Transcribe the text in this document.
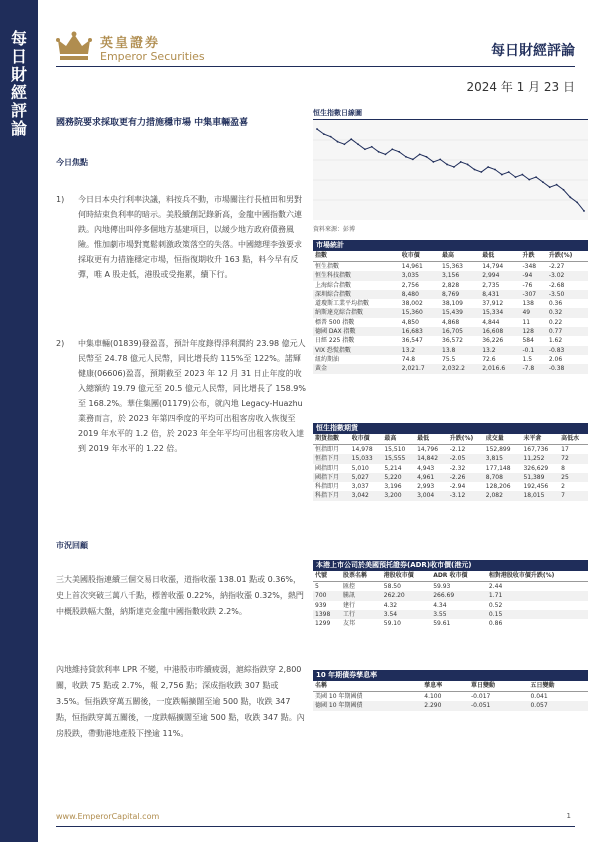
每
日
財
經
評
論
英皇證券
Emperor Securities	每日財經評論
2024 年 1 月 23 日
國務院要求採取更有力措施穩市場 中集車輛盈喜
今日焦點
1) 今日日本央行利率決議，料按兵不動，市場關注行長植田和男對何時結束負利率的暗示。美股續創記錄新高，金龍中國指數六連跌。內地傳出叫停多個地方基建項目，以緩少地方政府債務風險。惟加劇市場對寬鬆刺激政策落空的失落。中國總理李強要求採取更有力措施穩定市場，恒指復期收升 163 點，料今早有反彈，唯 A 股走低，港股或受拖累，續下行。
2) 中集車輛(01839)發盈喜，預計年度錄得淨利潤約 23.98 億元人民幣至 24.78 億元人民幣，同比增長約 115%至 122%。諾輝健康(06606)盈喜，預期截至 2023 年 12 月 31 日止年度的收入總額約 19.79 億元至 20.5 億元人民幣，同比增長了 158.9%至 168.2%。華住集團(01179)公布，就內地 Legacy-Huazhu 業務而言，於 2023 年第四季度的平均可出租客房收入恢復至 2019 年水平的 1.2 倍，於 2023 年全年平均可出租客房收入達到 2019 年水平的 1.22 倍。
市況回顧
三大美國股指連續三個交易日收漲，道指收漲 138.01 點或 0.36%，史上首次突破三萬八千點，標普收漲 0.22%，納指收漲 0.32%，熱門中概股跌幅大盤，納斯達克金龍中國指數收跌 2.2%。
內地維持貸款利率 LPR 不變，中港股市昨續疲弱，滬綜指跌穿 2,800 關，收跌 75 點或 2.7%，報 2,756 點；深成指收跌 307 點或 3.5%。恒指跌穿萬五關後，一度跌幅擴闊至逾 500 點，收跌 347 點，恒指跌穿萬五關後，一度跌幅擴闊至逾 500 點，收跌 347 點。內房股跌，帶動港地產股下挫逾 11%。
恒生指數日線圖
資料來源：彭博
市場統計
指數	收市價	最高	最低	升跌	升跌(%)
恒生指數	14,961	15,363	14,794	-348	-2.27
恒生科技指數	3,035	3,156	2,994	-94	-3.02
上海綜合指數	2,756	2,828	2,735	-76	-2.68
深圳綜合指數	8,480	8,769	8,431	-307	-3.50
道瓊斯工業平均指數	38,002	38,109	37,912	138	0.36
納斯達克綜合指數	15,360	15,439	15,334	49	0.32
標普 500 指數	4,850	4,868	4,844	11	0.22
德國 DAX 指數	16,683	16,705	16,608	128	0.77
日經 225 指數	36,547	36,572	36,226	584	1.62
VIX 恐慌指數	13.2	13.8	13.2	-0.1	-0.83
紐約期油	74.8	75.5	72.6	1.5	2.06
黃金	2,021.7	2,032.2	2,016.6	-7.8	-0.38
恒生指數期貨
期貨指數	收市價	最高	最低	升跌(%)	成交量	未平倉	高低水
恒指即月	14,978	15,510	14,796	-2.12	152,899	167,736	17
恒指下月	15,033	15,555	14,842	-2.05	3,815	11,252	72
國指即月	5,010	5,214	4,943	-2.32	177,148	326,629	8
國指下月	5,027	5,220	4,961	-2.26	8,708	51,389	25
科指即月	3,037	3,196	2,993	-2.94	128,206	192,456	2
科指下月	3,042	3,200	3,004	-3.12	2,082	18,015	7
本港上市公司於美國預托證券(ADR)收市價(港元)
代號	股票名稱	港股收市價	ADR 收市價	相對港股收市價升跌(%)
5	匯控	58.50	59.93	2.44
700	騰訊	262.20	266.69	1.71
939	建行	4.32	4.34	0.52
1398	工行	3.54	3.55	0.15
1299	友邦	59.10	59.61	0.86
10 年期債券孳息率
名稱	孳息率	單日變動	五日變動
美國 10 年期國債	4.100	-0.017	0.041
德國 10 年期國債	2.290	-0.051	0.057
www.EmperorCapital.com	1
